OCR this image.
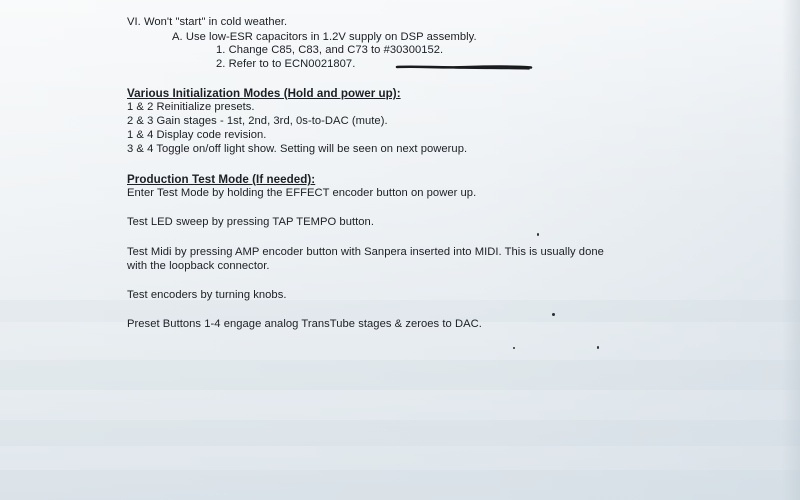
VI. Won't "start" in cold weather.
A. Use low-ESR capacitors in 1.2V supply on DSP assembly.
1. Change C85, C83, and C73 to #30300152.
2. Refer to to ECN0021807.
Various Initialization Modes (Hold and power up):
1 & 2 Reinitialize presets.
2 & 3 Gain stages - 1st, 2nd, 3rd, 0s-to-DAC (mute).
1 & 4 Display code revision.
3 & 4 Toggle on/off light show. Setting will be seen on next powerup.
Production Test Mode (If needed):
Enter Test Mode by holding the EFFECT encoder button on power up.
Test LED sweep by pressing TAP TEMPO button.
Test Midi by pressing AMP encoder button with Sanpera inserted into MIDI. This is usually done
with the loopback connector.
Test encoders by turning knobs.
Preset Buttons 1-4 engage analog TransTube stages & zeroes to DAC.
